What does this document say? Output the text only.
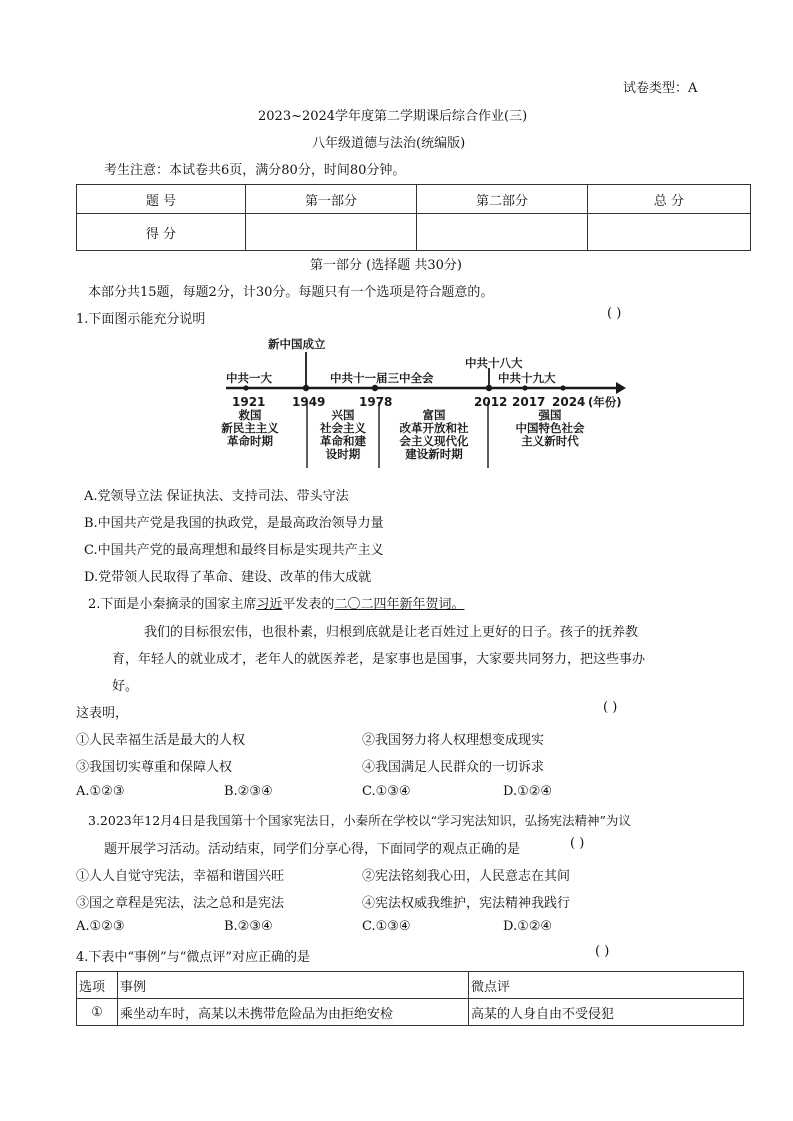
试卷类型：A
2023~2024学年度第二学期课后综合作业(三)
八年级道德与法治(统编版)
考生注意：本试卷共6页，满分80分，时间80分钟。
题 号	第一部分	第二部分	总 分
得 分			
第一部分 (选择题 共30分)
本部分共15题，每题2分，计30分。每题只有一个选项是符合题意的。
1.下面图示能充分说明	( )
新中国成立
中共一大	中共十一届三中全会
中共十八大
中共十九大
1921 1949	1978	2012 2017 2024 (年份)
救国
新民主主义
革命时期
兴国
社会主义
革命和建
设时期
富国
改革开放和社
会主义现代化
建设新时期
强国
中国特色社会
主义新时代
A.党领导立法 保证执法、支持司法、带头守法
B.中国共产党是我国的执政党，是最高政治领导力量
C.中国共产党的最高理想和最终目标是实现共产主义
D.党带领人民取得了革命、建设、改革的伟大成就
2.下面是小秦摘录的国家主席习近平发表的二〇二四年新年贺词。
我们的目标很宏伟，也很朴素，归根到底就是让老百姓过上更好的日子。孩子的抚养教
育，年轻人的就业成才，老年人的就医养老，是家事也是国事，大家要共同努力，把这些事办
好。
这表明，	( )
①人民幸福生活是最大的人权	②我国努力将人权理想变成现实
③我国切实尊重和保障人权	④我国满足人民群众的一切诉求
A.①②③	B.②③④	C.①③④	D.①②④
3.2023年12月4日是我国第十个国家宪法日，小秦所在学校以“学习宪法知识，弘扬宪法精神”为议
题开展学习活动。活动结束，同学们分享心得，下面同学的观点正确的是	( )
①人人自觉守宪法，幸福和谐国兴旺	②宪法铭刻我心田，人民意志在其间
③国之章程是宪法，法之总和是宪法	④宪法权威我维护，宪法精神我践行
A.①②③	B.②③④	C.①③④	D.①②④
4.下表中“事例”与“微点评”对应正确的是	( )
选项	事例	微点评
①	乘坐动车时，高某以未携带危险品为由拒绝安检	高某的人身自由不受侵犯
